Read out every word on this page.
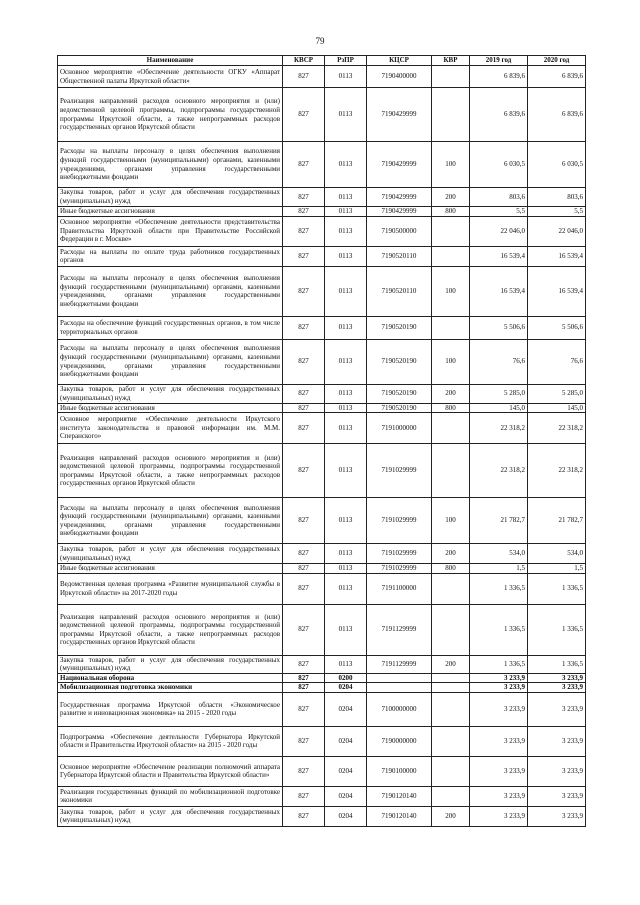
79
Наименование	КВСР	РзПР	КЦСР	КВР	2019 год	2020 год
Основное мероприятие «Обеспечение деятельности ОГКУ «Аппарат Общественной палаты Иркутской области»	827	0113	7190400000		6 839,6	6 839,6
Реализация направлений расходов основного мероприятия и (или) ведомственной целевой программы, подпрограммы государственной программы Иркутской области, а также непрограммных расходов государственных органов Иркутской области	827	0113	7190429999		6 839,6	6 839,6
Расходы на выплаты персоналу в целях обеспечения выполнения функций государственными (муниципальными) органами, казенными учреждениями, органами управления государственными внебюджетными фондами	827	0113	7190429999	100	6 030,5	6 030,5
Закупка товаров, работ и услуг для обеспечения государственных (муниципальных) нужд	827	0113	7190429999	200	803,6	803,6
Иные бюджетные ассигнования	827	0113	7190429999	800	5,5	5,5
Основное мероприятие «Обеспечение деятельности представительства Правительства Иркутской области при Правительстве Российской Федерации в г. Москве»	827	0113	7190500000		22 046,0	22 046,0
Расходы на выплаты по оплате труда работников государственных органов	827	0113	7190520110		16 539,4	16 539,4
Расходы на выплаты персоналу в целях обеспечения выполнения функций государственными (муниципальными) органами, казенными учреждениями, органами управления государственными внебюджетными фондами	827	0113	7190520110	100	16 539,4	16 539,4
Расходы на обеспечение функций государственных органов, в том числе территориальных органов	827	0113	7190520190		5 506,6	5 506,6
Расходы на выплаты персоналу в целях обеспечения выполнения функций государственными (муниципальными) органами, казенными учреждениями, органами управления государственными внебюджетными фондами	827	0113	7190520190	100	76,6	76,6
Закупка товаров, работ и услуг для обеспечения государственных (муниципальных) нужд	827	0113	7190520190	200	5 285,0	5 285,0
Иные бюджетные ассигнования	827	0113	7190520190	800	145,0	145,0
Основное мероприятие «Обеспечение деятельности Иркутского института законодательства и правовой информации им. М.М. Сперанского»	827	0113	7191000000		22 318,2	22 318,2
Реализация направлений расходов основного мероприятия и (или) ведомственной целевой программы, подпрограммы государственной программы Иркутской области, а также непрограммных расходов государственных органов Иркутской области	827	0113	7191029999		22 318,2	22 318,2
Расходы на выплаты персоналу в целях обеспечения выполнения функций государственными (муниципальными) органами, казенными учреждениями, органами управления государственными внебюджетными фондами	827	0113	7191029999	100	21 782,7	21 782,7
Закупка товаров, работ и услуг для обеспечения государственных (муниципальных) нужд	827	0113	7191029999	200	534,0	534,0
Иные бюджетные ассигнования	827	0113	7191029999	800	1,5	1,5
Ведомственная целевая программа «Развитие муниципальной службы в Иркутской области» на 2017-2020 годы	827	0113	7191100000		1 336,5	1 336,5
Реализация направлений расходов основного мероприятия и (или) ведомственной целевой программы, подпрограммы государственной программы Иркутской области, а также непрограммных расходов государственных органов Иркутской области	827	0113	7191129999		1 336,5	1 336,5
Закупка товаров, работ и услуг для обеспечения государственных (муниципальных) нужд	827	0113	7191129999	200	1 336,5	1 336,5
Национальная оборона	827	0200			3 233,9	3 233,9
Мобилизационная подготовка экономики	827	0204			3 233,9	3 233,9
Государственная программа Иркутской области «Экономическое развитие и инновационная экономика» на 2015 - 2020 годы	827	0204	7100000000		3 233,9	3 233,9
Подпрограмма «Обеспечение деятельности Губернатора Иркутской области и Правительства Иркутской области» на 2015 - 2020 годы	827	0204	7190000000		3 233,9	3 233,9
Основное мероприятие «Обеспечение реализации полномочий аппарата Губернатора Иркутской области и Правительства Иркутской области»	827	0204	7190100000		3 233,9	3 233,9
Реализация государственных функций по мобилизационной подготовке экономики	827	0204	7190120140		3 233,9	3 233,9
Закупка товаров, работ и услуг для обеспечения государственных (муниципальных) нужд	827	0204	7190120140	200	3 233,9	3 233,9
